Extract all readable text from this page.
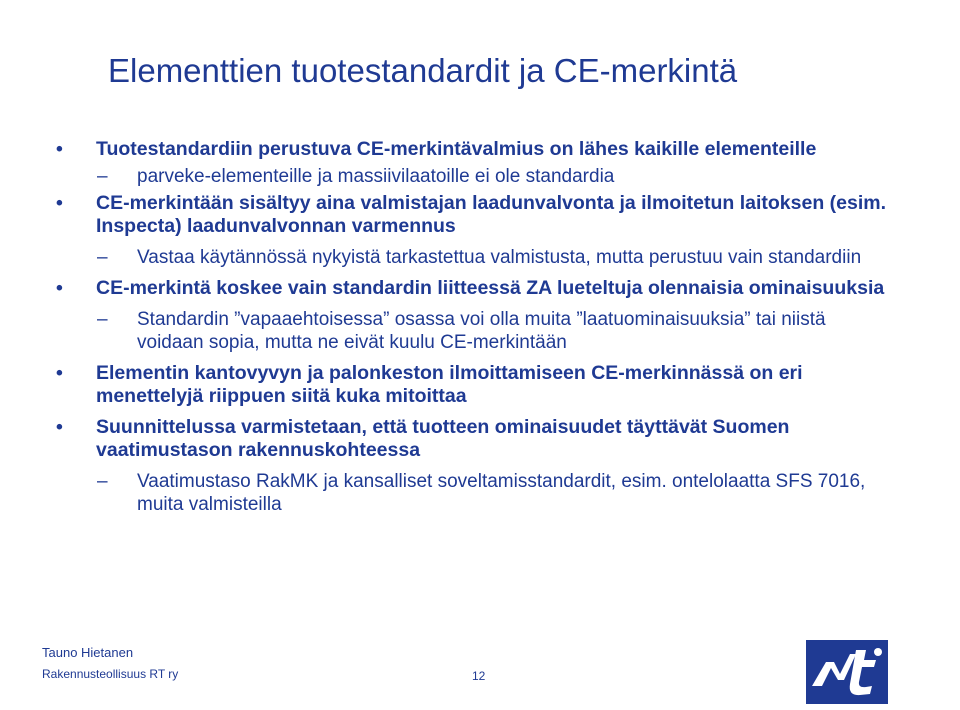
Elementtien tuotestandardit ja CE-merkintä
• Tuotestandardiin perustuva CE-merkintävalmius on lähes kaikille elementeille
– parveke-elementeille ja massiivilaatoille ei ole standardia
• CE-merkintään sisältyy aina valmistajan laadunvalvonta ja ilmoitetun laitoksen (esim. Inspecta) laadunvalvonnan varmennus
– Vastaa käytännössä nykyistä tarkastettua valmistusta, mutta perustuu vain standardiin
• CE-merkintä koskee vain standardin liitteessä ZA lueteltuja olennaisia ominaisuuksia
– Standardin ”vapaaehtoisessa” osassa voi olla muita ”laatuominaisuuksia” tai niistä voidaan sopia, mutta ne eivät kuulu CE-merkintään
• Elementin kantovyvyn ja palonkeston ilmoittamiseen CE-merkinnässä on eri menettelyjä riippuen siitä kuka mitoittaa
• Suunnittelussa varmistetaan, että tuotteen ominaisuudet täyttävät Suomen vaatimustason rakennuskohteessa
– Vaatimustaso RakMK ja kansalliset soveltamisstandardit, esim. ontelolaatta SFS 7016, muita valmisteilla
Tauno Hietanen
Rakennusteollisuus RT ry	12
